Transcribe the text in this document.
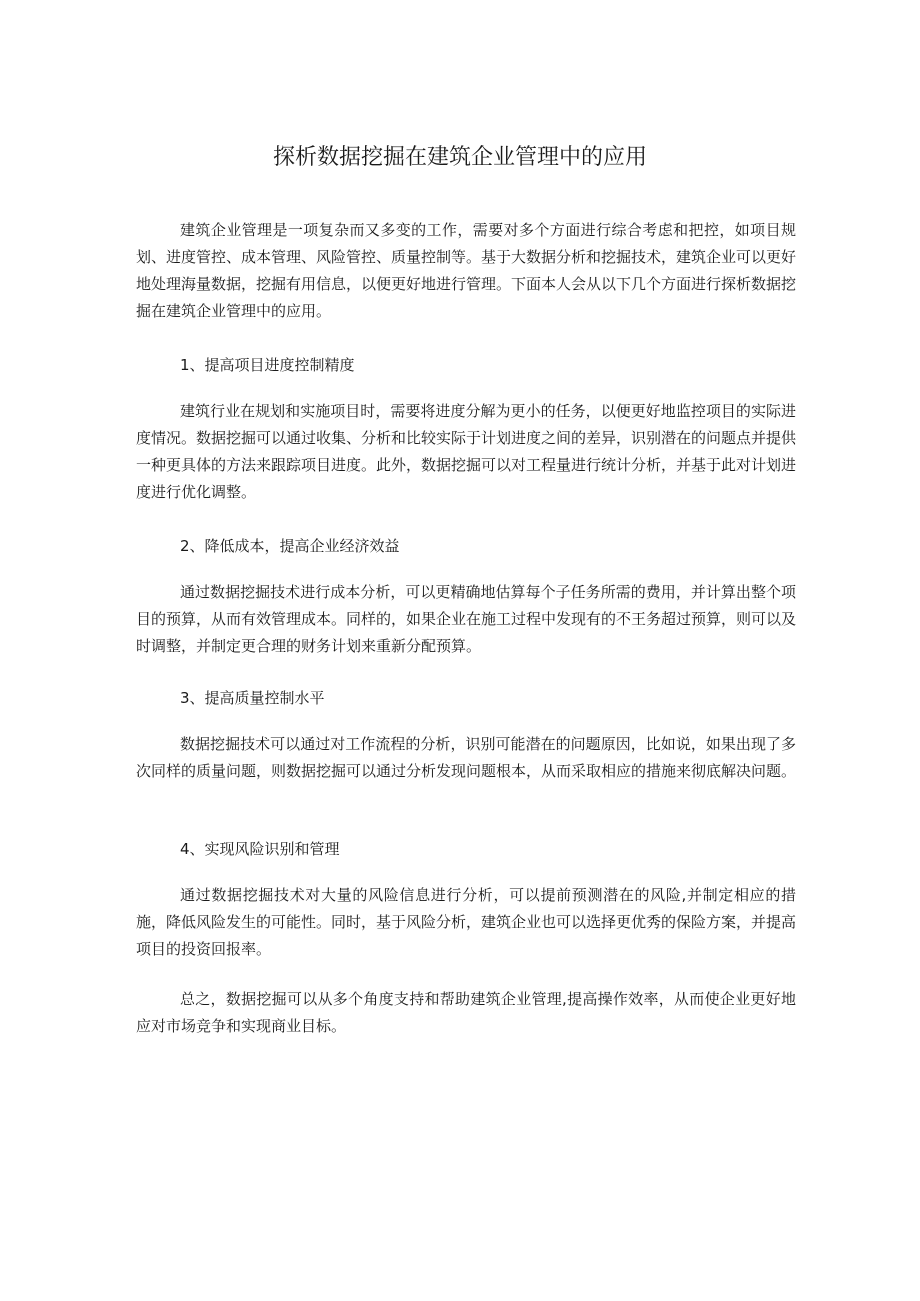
探析数据挖掘在建筑企业管理中的应用

建筑企业管理是一项复杂而又多变的工作，需要对多个方面进行综合考虑和把控，如项目规划、进度管控、成本管理、风险管控、质量控制等。基于大数据分析和挖掘技术，建筑企业可以更好地处理海量数据，挖掘有用信息，以便更好地进行管理。下面本人会从以下几个方面进行探析数据挖掘在建筑企业管理中的应用。

1、提高项目进度控制精度

建筑行业在规划和实施项目时，需要将进度分解为更小的任务，以便更好地监控项目的实际进度情况。数据挖掘可以通过收集、分析和比较实际于计划进度之间的差异，识别潜在的问题点并提供一种更具体的方法来跟踪项目进度。此外，数据挖掘可以对工程量进行统计分析，并基于此对计划进度进行优化调整。

2、降低成本，提高企业经济效益

通过数据挖掘技术进行成本分析，可以更精确地估算每个子任务所需的费用，并计算出整个项目的预算，从而有效管理成本。同样的，如果企业在施工过程中发现有的不王务超过预算，则可以及时调整，并制定更合理的财务计划来重新分配预算。

3、提高质量控制水平

数据挖掘技术可以通过对工作流程的分析，识别可能潜在的问题原因，比如说，如果出现了多次同样的质量问题，则数据挖掘可以通过分析发现问题根本，从而采取相应的措施来彻底解决问题。

4、实现风险识别和管理

通过数据挖掘技术对大量的风险信息进行分析，可以提前预测潜在的风险,并制定相应的措施，降低风险发生的可能性。同时，基于风险分析，建筑企业也可以选择更优秀的保险方案，并提高项目的投资回报率。

总之，数据挖掘可以从多个角度支持和帮助建筑企业管理,提高操作效率，从而使企业更好地应对市场竞争和实现商业目标。
